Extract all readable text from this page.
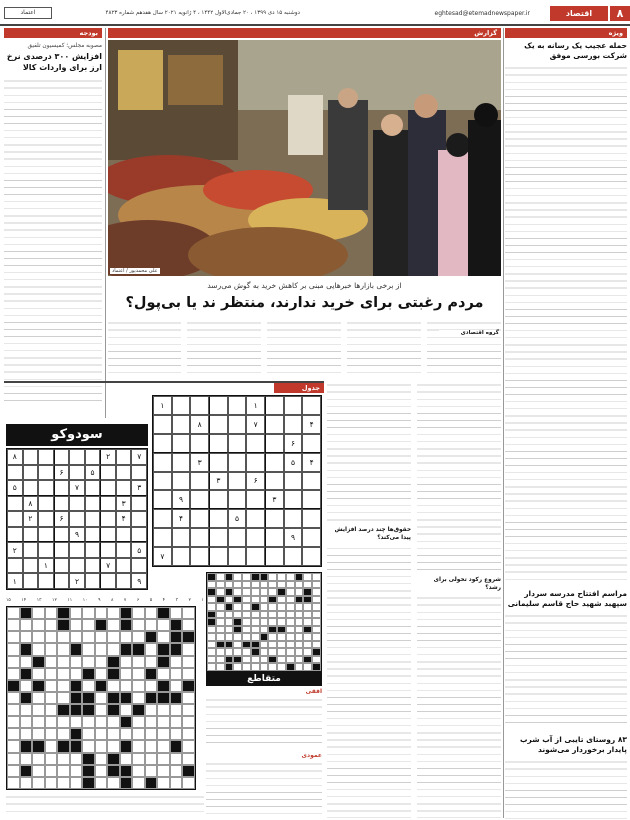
۸
اقتصاد
eghtesad@etemadnewspaper.ir
دوشنبه ۱۵ دی ۱۳۹۹ ، ۲۰ جمادی‌الاول ۱۴۴۲ ، ۴ ژانویه ۲۰۲۱ سال هفدهم شماره ۴۸۲۳
اعتماد
ویژه
حمله عجیب یک رسانه به یک شرکت بورسی موفق
مراسم افتتاح مدرسه سردار سپهبد شهید حاج قاسم سلیمانی
۸۳ روستای تایبی از آب شرب پایدار برخوردار می‌شوند
بودجه
مصوبه مجلس؛ کمیسیون تلفیق
افزایش ۳۰۰ درصدی نرخ ارز برای واردات کالا
گزارش
علی محمدپور / اعتماد
از برخی بازارها خبرهایی مبنی بر کاهش خرید به گوش می‌رسد
مردم رغبتی برای خرید ندارند، منتظر ند یا بی‌پول؟
گروه اقتصادی
شروع رکود تحولی برای رشد؟
حقوق‌ها چند درصد افزایش پیدا می‌کند؟
جدول
سودوکو
۷
۲
۸
۵
۶
۳
۷
۵
۳
۸
۴
۶
۲
۹
۵
۲
۷
۱
۹
۲
۱
۱
۱
۴
۷
۸
۶
۴
۵
۳
۶
۳
۳
۹
۵
۴
۹
۷
۱۵ ۱۴ ۱۳ ۱۲ ۱۱ ۱۰ ۹ ۸ ۷ ۶ ۵ ۴ ۳ ۲ ۱
متقاطع
افقی
عمودی
